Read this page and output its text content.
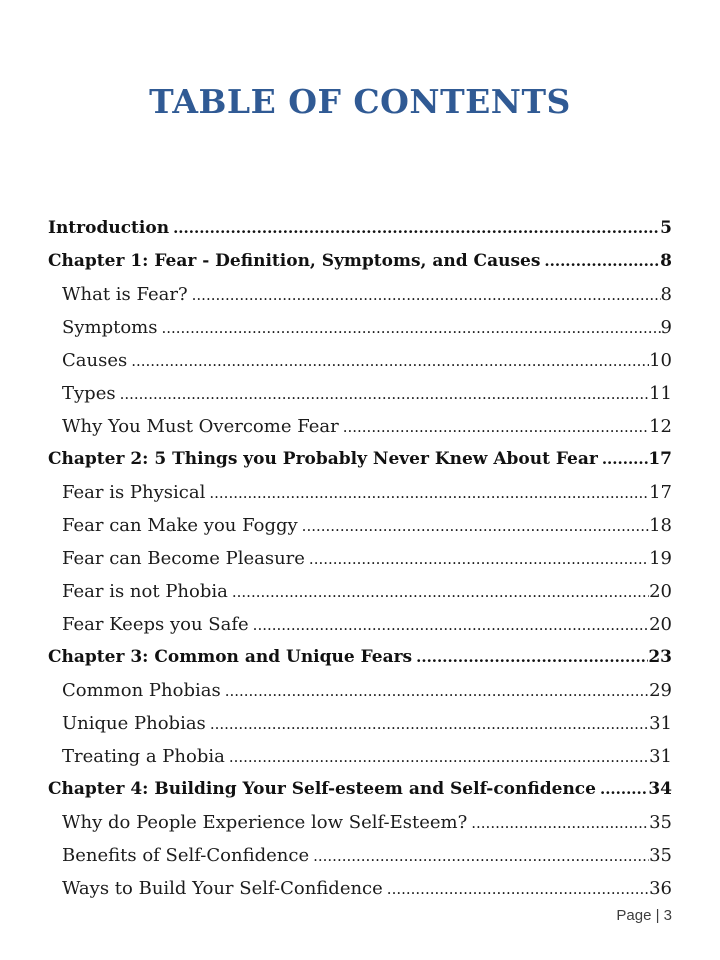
TABLE OF CONTENTS
Introduction .....	5
Chapter 1: Fear - Definition, Symptoms, and Causes .....	8
What is Fear? .....	8
Symptoms .....	9
Causes .....	10
Types .....	11
Why You Must Overcome Fear .....	12
Chapter 2: 5 Things you Probably Never Knew About Fear .....	17
Fear is Physical .....	17
Fear can Make you Foggy .....	18
Fear can Become Pleasure .....	19
Fear is not Phobia .....	20
Fear Keeps you Safe .....	20
Chapter 3: Common and Unique Fears .....	23
Common Phobias .....	29
Unique Phobias .....	31
Treating a Phobia .....	31
Chapter 4: Building Your Self-esteem and Self-confidence .....	34
Why do People Experience low Self-Esteem? .....	35
Benefits of Self-Confidence .....	35
Ways to Build Your Self-Confidence .....	36
Page | 3
